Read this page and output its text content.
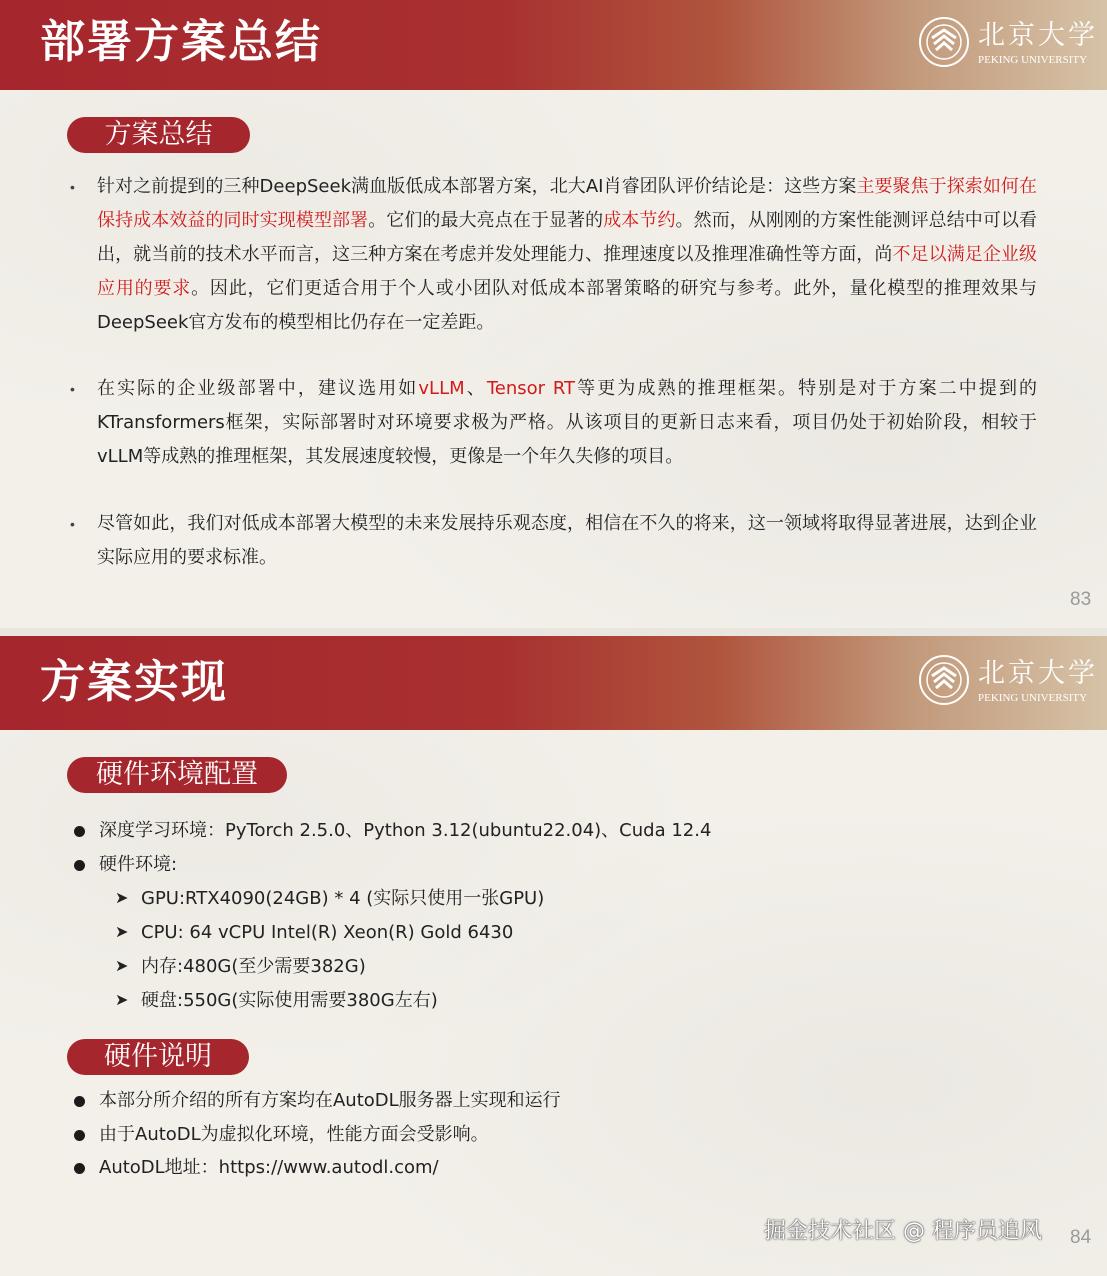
部署方案总结	北京大学
PEKING UNIVERSITY
方案总结
• 针对之前提到的三种DeepSeek满血版低成本部署方案，北大AI肖睿团队评价结论是：这些方案主要聚焦于探索如何在保持成本效益的同时实现模型部署。它们的最大亮点在于显著的成本节约。然而，从刚刚的方案性能测评总结中可以看出，就当前的技术水平而言，这三种方案在考虑并发处理能力、推理速度以及推理准确性等方面，尚不足以满足企业级应用的要求。因此，它们更适合用于个人或小团队对低成本部署策略的研究与参考。此外，量化模型的推理效果与DeepSeek官方发布的模型相比仍存在一定差距。
• 在实际的企业级部署中，建议选用如vLLM、Tensor RT等更为成熟的推理框架。特别是对于方案二中提到的KTransformers框架，实际部署时对环境要求极为严格。从该项目的更新日志来看，项目仍处于初始阶段，相较于vLLM等成熟的推理框架，其发展速度较慢，更像是一个年久失修的项目。
• 尽管如此，我们对低成本部署大模型的未来发展持乐观态度，相信在不久的将来，这一领域将取得显著进展，达到企业实际应用的要求标准。
83
方案实现	北京大学
PEKING UNIVERSITY
硬件环境配置
深度学习环境：PyTorch 2.5.0、Python 3.12(ubuntu22.04)、Cuda 12.4
硬件环境:
➤ GPU:RTX4090(24GB) * 4 (实际只使用一张GPU)
➤ CPU: 64 vCPU Intel(R) Xeon(R) Gold 6430
➤ 内存:480G(至少需要382G)
➤ 硬盘:550G(实际使用需要380G左右)
硬件说明
本部分所介绍的所有方案均在AutoDL服务器上实现和运行
由于AutoDL为虚拟化环境，性能方面会受影响。
AutoDL地址：https://www.autodl.com/
84
掘金技术社区 @ 程序员追风
